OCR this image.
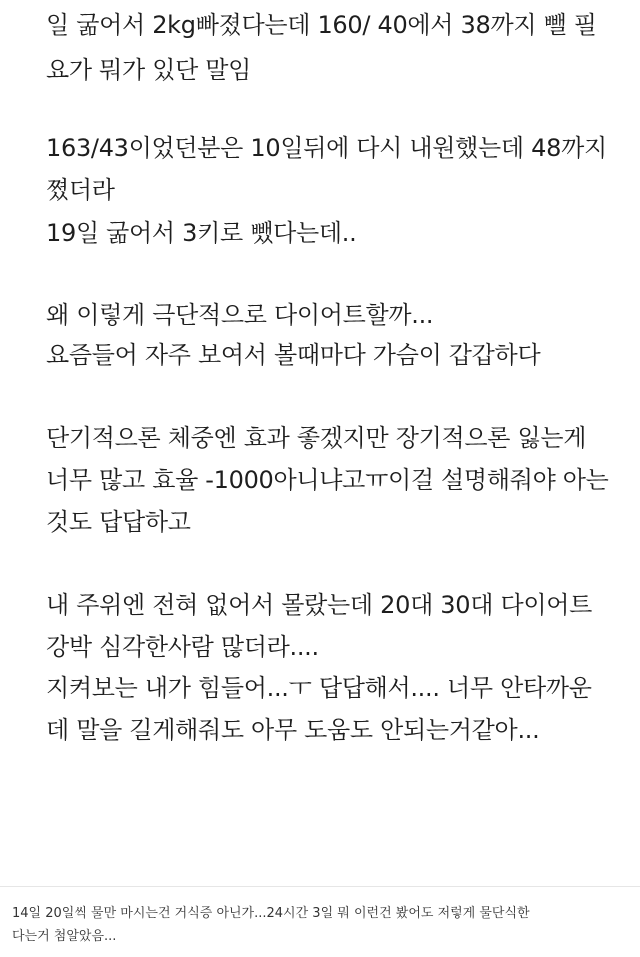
일 굶어서 2kg빠졌다는데 160/ 40에서 38까지 뺄 필
요가 뭐가 있단 말임
163/43이었던분은 10일뒤에 다시 내원했는데 48까지
쪘더라
19일 굶어서 3키로 뺐다는데..
왜 이렇게 극단적으로 다이어트할까...
요즘들어 자주 보여서 볼때마다 가슴이 갑갑하다
단기적으론 체중엔 효과 좋겠지만 장기적으론 잃는게
너무 많고 효율 -1000아니냐고ㅠ이걸 설명해줘야 아는
것도 답답하고
내 주위엔 전혀 없어서 몰랐는데 20대 30대 다이어트
강박 심각한사람 많더라....
지켜보는 내가 힘들어...ㅜ 답답해서.... 너무 안타까운
데 말을 길게해줘도 아무 도움도 안되는거같아...
14일 20일씩 물만 마시는건 거식증 아닌가...24시간 3일 뭐 이런건 봤어도 저렇게 물단식한
다는거 첨알았음...
